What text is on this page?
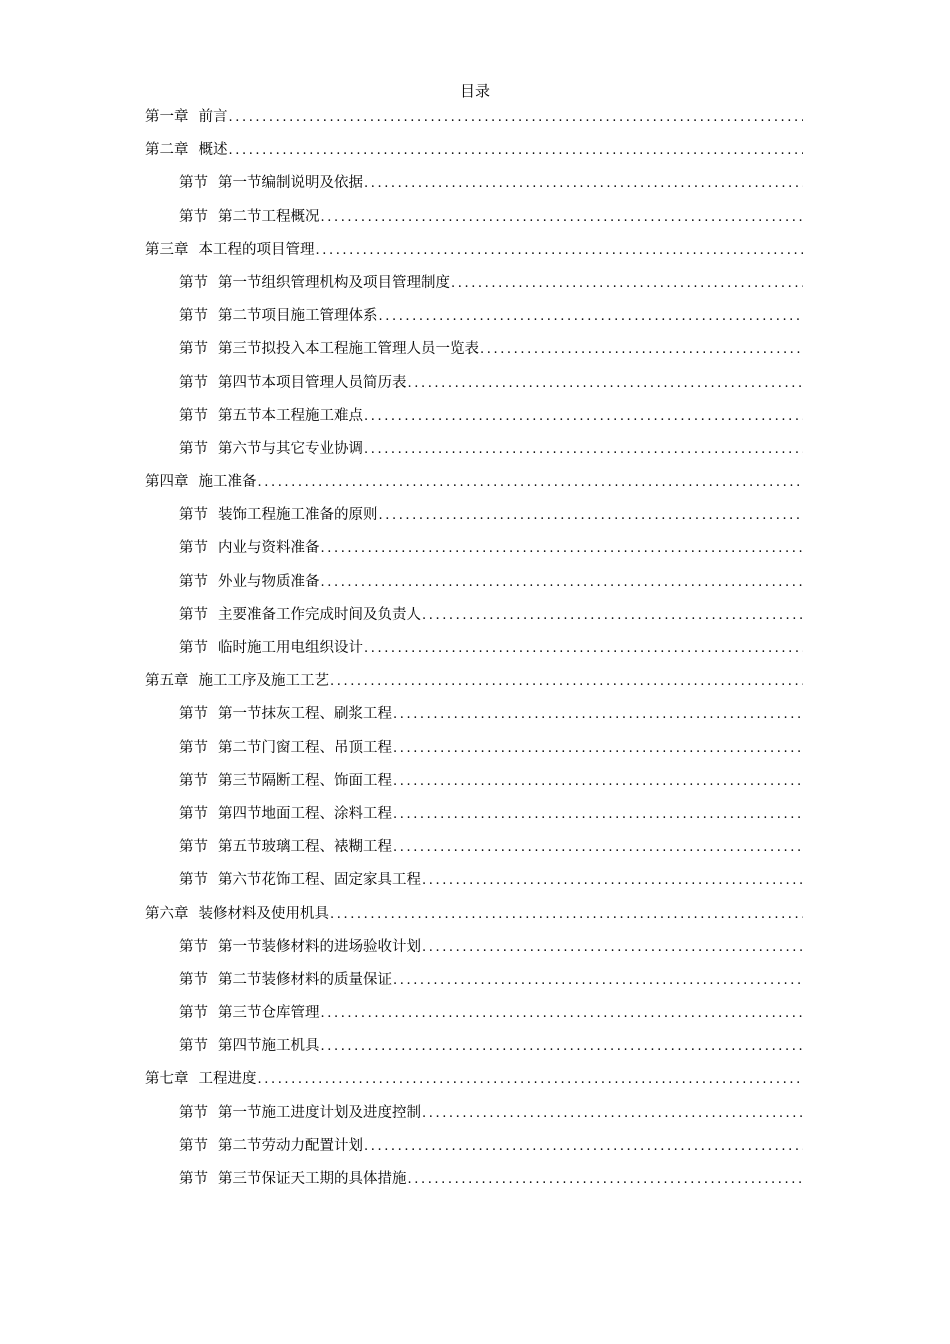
目录
第一章 前言
.....
第二章 概述
.....
第节 第一节编制说明及依据
.....
第节 第二节工程概况
.....
第三章 本工程的项目管理
.....
第节 第一节组织管理机构及项目管理制度
.....
第节 第二节项目施工管理体系
.....
第节 第三节拟投入本工程施工管理人员一览表
.....
第节 第四节本项目管理人员简历表
.....
第节 第五节本工程施工难点
.....
第节 第六节与其它专业协调
.....
第四章 施工准备
.....
第节 装饰工程施工准备的原则
.....
第节 内业与资料准备
.....
第节 外业与物质准备
.....
第节 主要准备工作完成时间及负责人
.....
第节 临时施工用电组织设计
.....
第五章 施工工序及施工工艺
.....
第节 第一节抹灰工程、刷浆工程
.....
第节 第二节门窗工程、吊顶工程
.....
第节 第三节隔断工程、饰面工程
.....
第节 第四节地面工程、涂料工程
.....
第节 第五节玻璃工程、裱糊工程
.....
第节 第六节花饰工程、固定家具工程
.....
第六章 装修材料及使用机具
.....
第节 第一节装修材料的进场验收计划
.....
第节 第二节装修材料的质量保证
.....
第节 第三节仓库管理
.....
第节 第四节施工机具
.....
第七章 工程进度
.....
第节 第一节施工进度计划及进度控制
.....
第节 第二节劳动力配置计划
.....
第节 第三节保证天工期的具体措施
.....
